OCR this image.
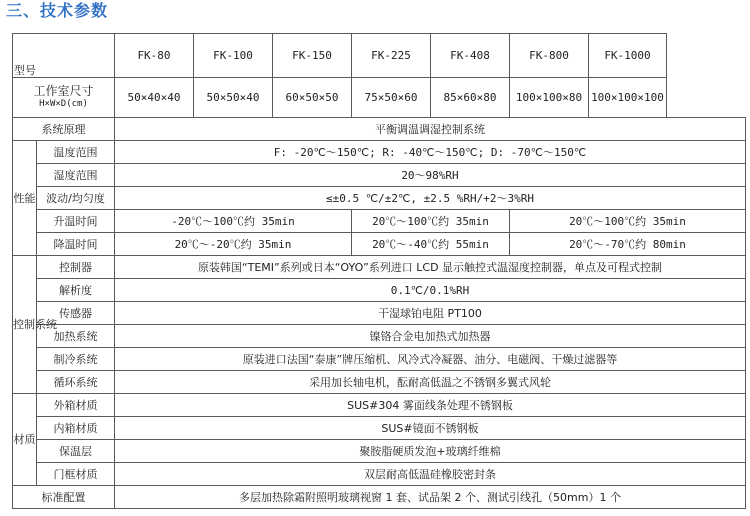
三、技术参数
型号		FK-80	FK-100	FK-150	FK-225	FK-408	FK-800	FK-1000	

工作室尺寸
H×W×D(cm)		50×40×40	50×50×40	60×50×50	75×50×60	85×60×80	100×100×80	100×100×100	
系统原理		平衡调温调湿控制系统							
性能	温度范围	F: -20℃～150℃; R: -40℃～150℃; D: -70℃～150℃							
	湿度范围	20～98%RH							
	波动/均匀度	≤±0.5 ℃/±2℃, ±2.5 %RH/+2～3%RH							
	升温时间	-20℃～100℃约 35min			20℃～100℃约 35min		20℃～100℃约 35min		
	降温时间	20℃～-20℃约 35min			20℃～-40℃约 55min		20℃～-70℃约 80min		
控制系统	控制器	原装韩国“TEMI”系列或日本“OYO”系列进口 LCD 显示触控式温湿度控制器，单点及可程式控制							
	解析度	0.1℃/0.1%RH							
	传感器	干湿球铂电阻 PT100							
	加热系统	镍铬合金电加热式加热器							
	制冷系统	原装进口法国“泰康”牌压缩机、风冷式冷凝器、油分、电磁阀、干燥过滤器等							
	循环系统	采用加长轴电机，酝耐高低温之不锈钢多翼式风轮							
材质	外箱材质	SUS#304 雾面线条处理不锈钢板							
	内箱材质	SUS#镜面不锈钢板							
	保温层	聚胺脂硬质发泡+玻璃纤维棉							
	门框材质	双层耐高低温硅橡胶密封条							
标准配置		多层加热除霜附照明玻璃视窗 1 套、试品架 2 个、测试引线孔（50mm）1 个							
